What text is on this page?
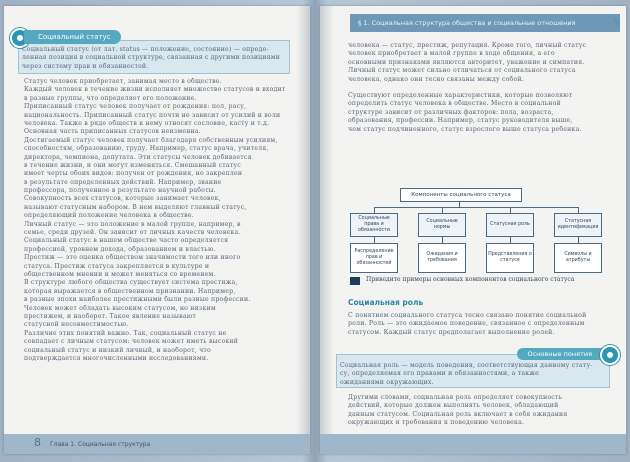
Социальный статус
Социальный статус (от лат. status — положение, состояние) — опреде-
ленная позиция в социальной структуре, связанная с другими позициями
через систему прав и обязанностей.
Статус человек приобретает, занимая место в обществе.
Каждый человек в течение жизни исполняет множество статусов и входит
в разные группы, что определяет его положение.
Приписанный статус человек получает от рождения: пол, расу,
национальность. Приписанный статус почти не зависит от усилий и воли
человека. Также в ряде обществ к нему относят сословие, касту и т.д.
Основная часть приписанных статусов неизменна.
Достигаемый статус человек получает благодаря собственным усилиям,
способностям, образованию, труду. Например, статус врача, учителя,
директора, чемпиона, депутата. Эти статусы человек добивается
в течение жизни, и они могут изменяться. Смешанный статус
имеет черты обоих видов: получен от рождения, но закреплен
в результате определенных действий. Например, звание
профессора, полученное в результате научной работы.
Совокупность всех статусов, которые занимает человек,
называют статусным набором. В нем выделяют главный статус,
определяющий положение человека в обществе.
Личный статус — это положение в малой группе, например, в
семье, среди друзей. Он зависит от личных качеств человека.
Социальный статус в нашем обществе часто определяется
профессией, уровнем дохода, образованием и властью.
Престиж — это оценка обществом значимости того или иного
статуса. Престиж статуса закрепляется в культуре и
общественном мнении и может меняться со временем.
В структуре любого общества существует система престижа,
которая выражается в общественном признании. Например,
в разные эпохи наиболее престижными были разные профессии.
Человек может обладать высоким статусом, но низким
престижем, и наоборот. Такое явление называют
статусной несовместимостью.
Различие этих понятий важно. Так, социальный статус не
совпадает с личным статусом: человек может иметь высокий
социальный статус и низкий личный, и наоборот, что
подтверждается многочисленными исследованиями.
8 Глава 1. Социальная структура
§ 1. Социальная структура общества и социальные отношения	9
человека — статус, престиж, репутация. Кроме того, личный статус
человек приобретает в малой группе в ходе общения, а его
основными признаками являются авторитет, уважение и симпатия.
Личный статус может сильно отличаться от социального статуса
человека, однако они тесно связаны между собой.
Существуют определенные характеристики, которые позволяют
определить статус человека в обществе. Место в социальной
структуре зависит от различных факторов: пола, возраста,
образования, профессии. Например, статус руководителя выше,
чем статус подчиненного, статус взрослого выше статуса ребенка.
Компоненты социального статуса
Социальные права и обязанности
Социальные нормы
Статусная роль
Статусная идентификация
Распределение прав и обязанностей
Ожидания и требования
Представления о статусе
Символы и атрибуты
Приведите примеры основных компонентов социального статуса
Социальная роль
С понятием социального статуса тесно связано понятие социальной
роли. Роль — это ожидаемое поведение, связанное с определенным
статусом. Каждый статус предполагает выполнение ролей.
Основные понятия
Социальная роль — модель поведения, соответствующая данному стату-
су, определяемая его правами и обязанностями, а также
ожиданиями окружающих.
Другими словами, социальная роль определяет совокупность
действий, которые должен выполнять человек, обладающий
данным статусом. Социальная роль включает в себя ожидания
окружающих и требования к поведению человека.
